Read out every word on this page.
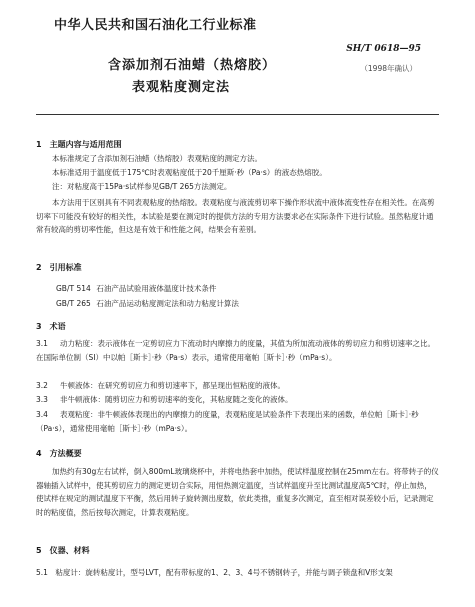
中华人民共和国石油化工行业标准
SH/T 0618—95
（1998年确认）
含添加剂石油蜡（热熔胶）
表观粘度测定法
1　主题内容与适用范围
本标准规定了含添加剂石油蜡（热熔胶）表观粘度的测定方法。
本标准适用于温度低于175℃时表观粘度低于20千厘斯·秒（Pa·s）的液态热熔胶。
注：对粘度高于15Pa·s试样参见GB/T 265方法测定。
本方法用于区别具有不同表观粘度的热熔胶。表观粘度与液流剪切率下操作形状流中液体流变性存在相关性。在高剪切率下可能没有较好的相关性，本试验是要在测定时的提供方法的专用方法要求必在实际条件下进行试验。虽然粘度计通常有较高的剪切率性能，但这是有效于和性能之间，结果会有差别。
2　引用标准
GB/T 514 石油产品试验用液体温度计技术条件
GB/T 265 石油产品运动粘度测定法和动力粘度计算法
3　术语
3.1 动力粘度：表示液体在一定剪切应力下流动时内摩擦力的度量，其值为所加流动液体的剪切应力和剪切速率之比。在国际单位制（SI）中以帕［斯卡］·秒（Pa·s）表示，通常使用毫帕［斯卡］·秒（mPa·s）。
3.2 牛顿液体：在研究剪切应力和剪切速率下，都呈现出恒粘度的液体。
3.3 非牛顿液体：随剪切应力和剪切速率的变化，其粘度随之变化的液体。
3.4 表观粘度：非牛顿液体表现出的内摩擦力的度量，表观粘度是试验条件下表现出来的函数，单位帕［斯卡］·秒（Pa·s），通常使用毫帕［斯卡］·秒（mPa·s）。
4　方法概要
加热约有30g左右试样，倒入800mL玻璃烧杯中，并将电热套中加热，使试样温度控制在25mm左右。将带转子的仪器轴插入试样中，使其剪切应力的测定更切合实际，用恒热测定温度，当试样温度升至比测试温度高5℃时，停止加热，使试样在规定的测试温度下平衡，然后用转子旋转测出度数，依此类推，重复多次测定，直至相对误差较小后，记录测定时的粘度值，然后按每次测定，计算表观粘度。
5　仪器、材料
5.1　粘度计：旋转粘度计，型号LVT，配有带标度的1、2、3、4号不锈钢转子，并能与调子锁盘和V形支架
